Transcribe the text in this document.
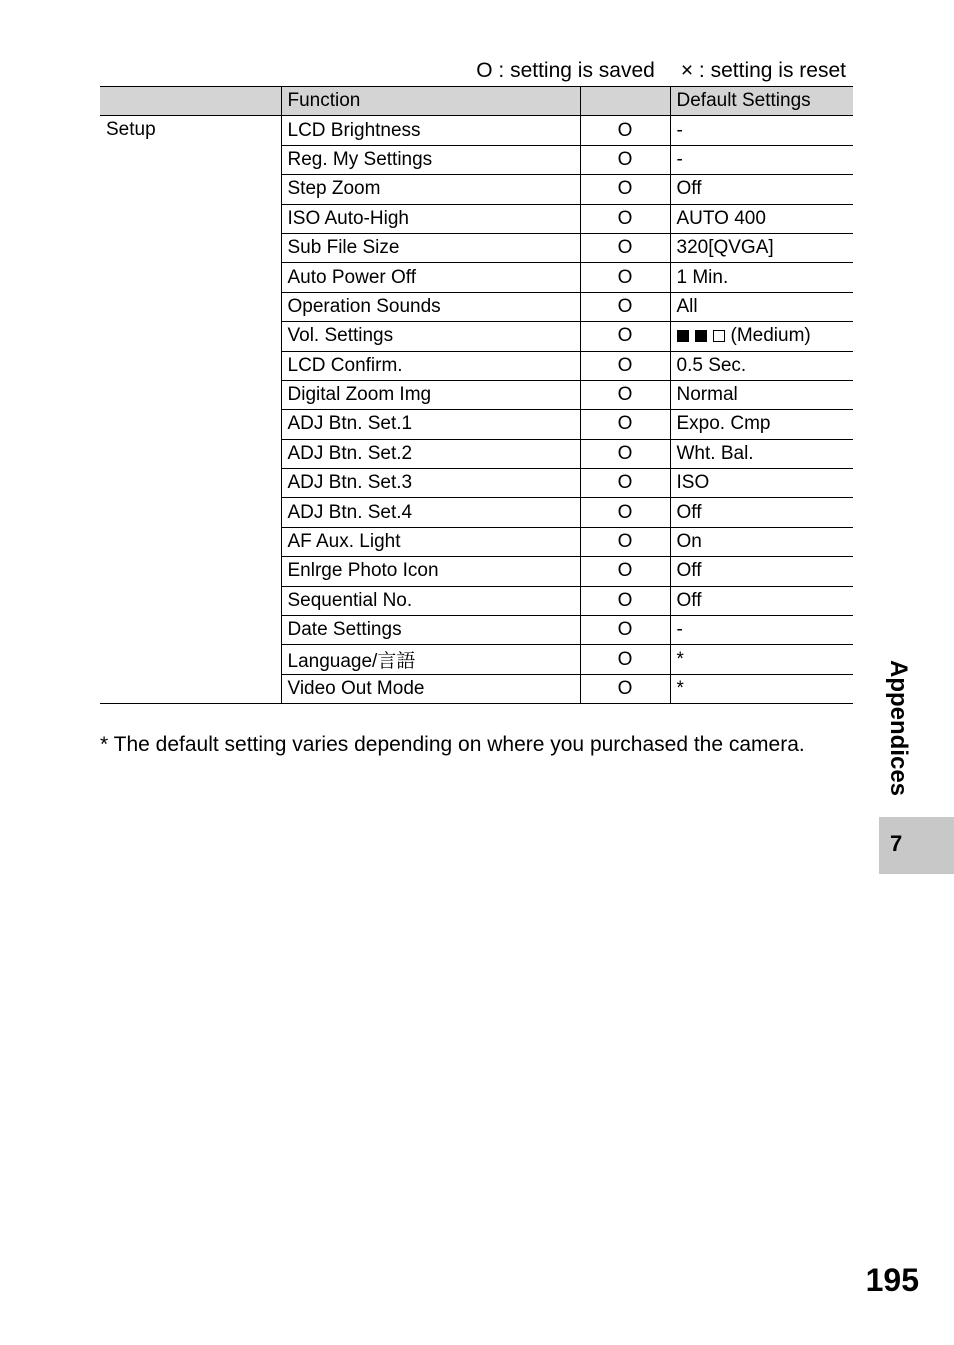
O : setting is saved × : setting is reset
	Function		Default Settings
Setup	LCD Brightness	O	-
	Reg. My Settings	O	-
	Step Zoom	O	Off
	ISO Auto-High	O	AUTO 400
	Sub File Size	O	320[QVGA]
	Auto Power Off	O	1 Min.
	Operation Sounds	O	All
	Vol. Settings	O	(Medium)
	LCD Confirm.	O	0.5 Sec.
	Digital Zoom Img	O	Normal
	ADJ Btn. Set.1	O	Expo. Cmp
	ADJ Btn. Set.2	O	Wht. Bal.
	ADJ Btn. Set.3	O	ISO
	ADJ Btn. Set.4	O	Off
	AF Aux. Light	O	On
	Enlrge Photo Icon	O	Off
	Sequential No.	O	Off
	Date Settings	O	-
	Language/言語	O	*
	Video Out Mode	O	*
* The default setting varies depending on where you purchased the camera.	Appendices
7
195
